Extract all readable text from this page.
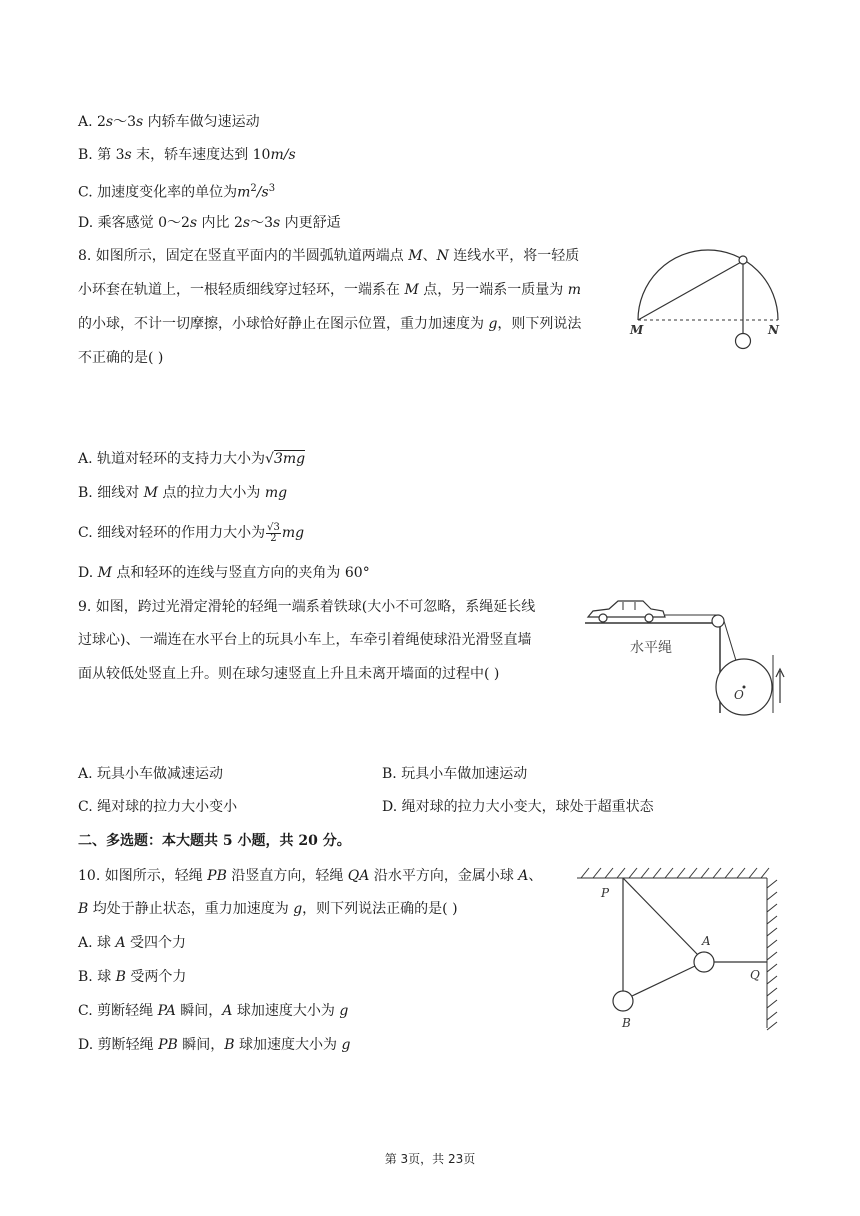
A. 2s～3s 内轿车做匀速运动
B. 第 3s 末，轿车速度达到 10m/s
C. 加速度变化率的单位为$m^2/s^3$
D. 乘客感觉 0～2s 内比 2s～3s 内更舒适
8. 如图所示，固定在竖直平面内的半圆弧轨道两端点 M、N 连线水平，将一轻质
小环套在轨道上，一根轻质细线穿过轻环，一端系在 M 点，另一端系一质量为 m
的小球，不计一切摩擦，小球恰好静止在图示位置，重力加速度为 g，则下列说法
不正确的是( )
M	N
A. 轨道对轻环的支持力大小为√3mg
B. 细线对 M 点的拉力大小为 mg
C. 细线对轻环的作用力大小为 $\frac{√3}{2}$ mg
D. M 点和轻环的连线与竖直方向的夹角为 60°
9. 如图，跨过光滑定滑轮的轻绳一端系着铁球(大小不可忽略，系绳延长线
过球心)、一端连在水平台上的玩具小车上，车牵引着绳使球沿光滑竖直墙
面从较低处竖直上升。则在球匀速竖直上升且未离开墙面的过程中( )
水平绳
O
A. 玩具小车做减速运动	B. 玩具小车做加速运动
C. 绳对球的拉力大小变小	D. 绳对球的拉力大小变大，球处于超重状态
二、多选题：本大题共 5 小题，共 20 分。
10. 如图所示，轻绳 PB 沿竖直方向，轻绳 QA 沿水平方向，金属小球 A、
B 均处于静止状态，重力加速度为 g，则下列说法正确的是( )
A. 球 A 受四个力
B. 球 B 受两个力
C. 剪断轻绳 PA 瞬间，A 球加速度大小为 g
D. 剪断轻绳 PB 瞬间，B 球加速度大小为 g
P
A
Q
B
第 3页，共 23页
